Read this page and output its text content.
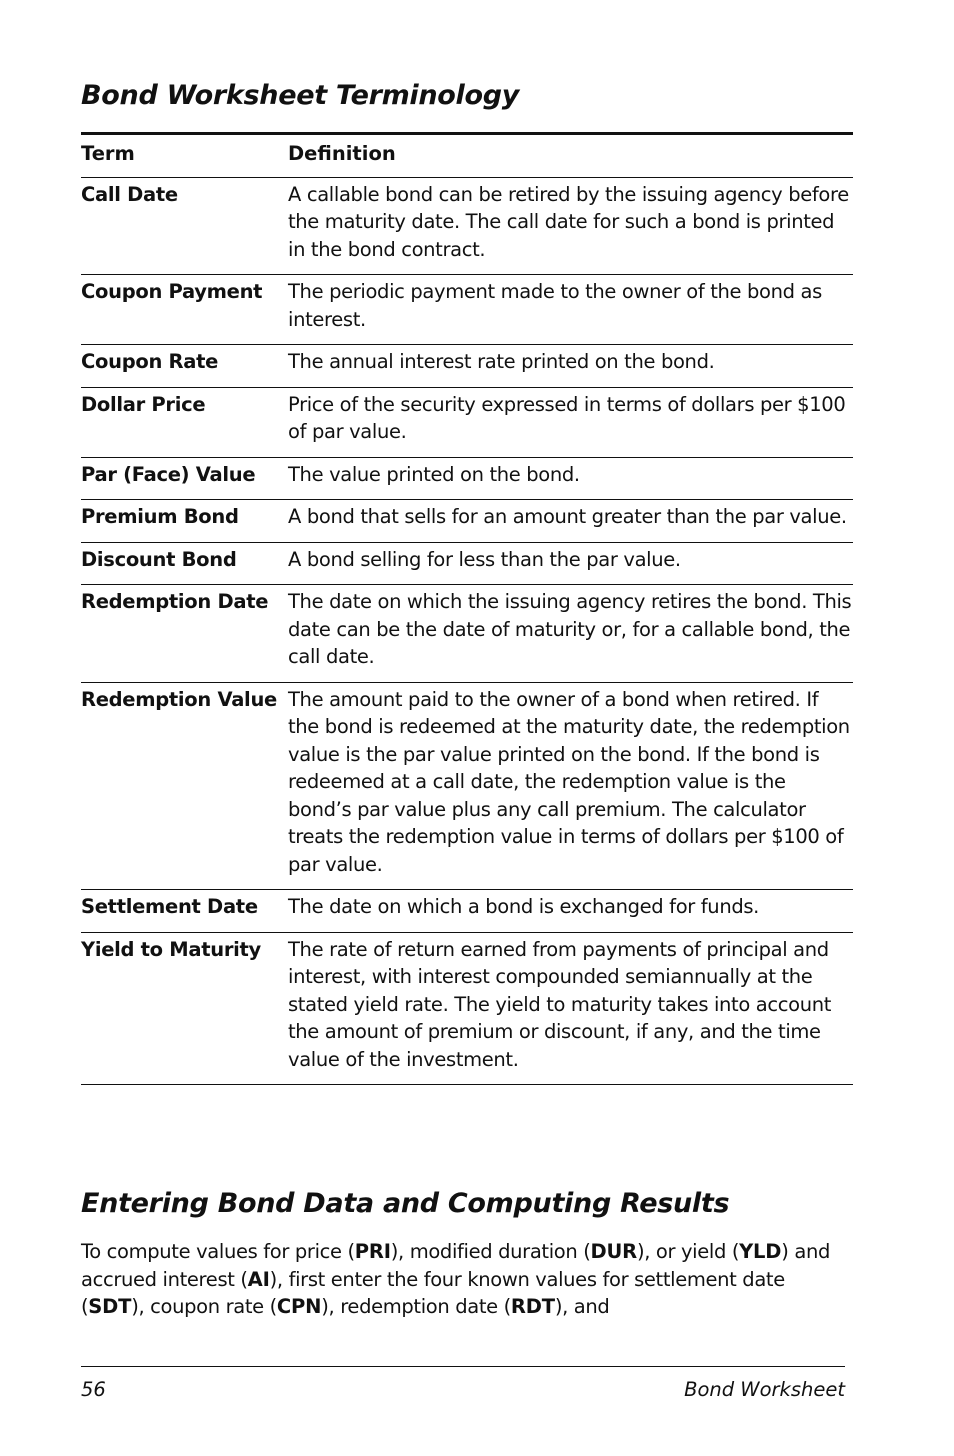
Bond Worksheet Terminology
Term	Definition
Call Date	A callable bond can be retired by the issuing agency before the maturity date. The call date for such a bond is printed in the bond contract.
Coupon Payment	The periodic payment made to the owner of the bond as interest.
Coupon Rate	The annual interest rate printed on the bond.
Dollar Price	Price of the security expressed in terms of dollars per $100 of par value.
Par (Face) Value	The value printed on the bond.
Premium Bond	A bond that sells for an amount greater than the par value.
Discount Bond	A bond selling for less than the par value.
Redemption Date	The date on which the issuing agency retires the bond. This date can be the date of maturity or, for a callable bond, the call date.
Redemption Value	The amount paid to the owner of a bond when retired. If the bond is redeemed at the maturity date, the redemption value is the par value printed on the bond. If the bond is redeemed at a call date, the redemption value is the bond’s par value plus any call premium. The calculator treats the redemption value in terms of dollars per $100 of par value.
Settlement Date	The date on which a bond is exchanged for funds.
Yield to Maturity	The rate of return earned from payments of principal and interest, with interest compounded semiannually at the stated yield rate. The yield to maturity takes into account the amount of premium or discount, if any, and the time value of the investment.
Entering Bond Data and Computing Results

To compute values for price (PRI), modified duration (DUR), or yield (YLD) and accrued interest (AI), first enter the four known values for settlement date (SDT), coupon rate (CPN), redemption date (RDT), and

56	Bond Worksheet
